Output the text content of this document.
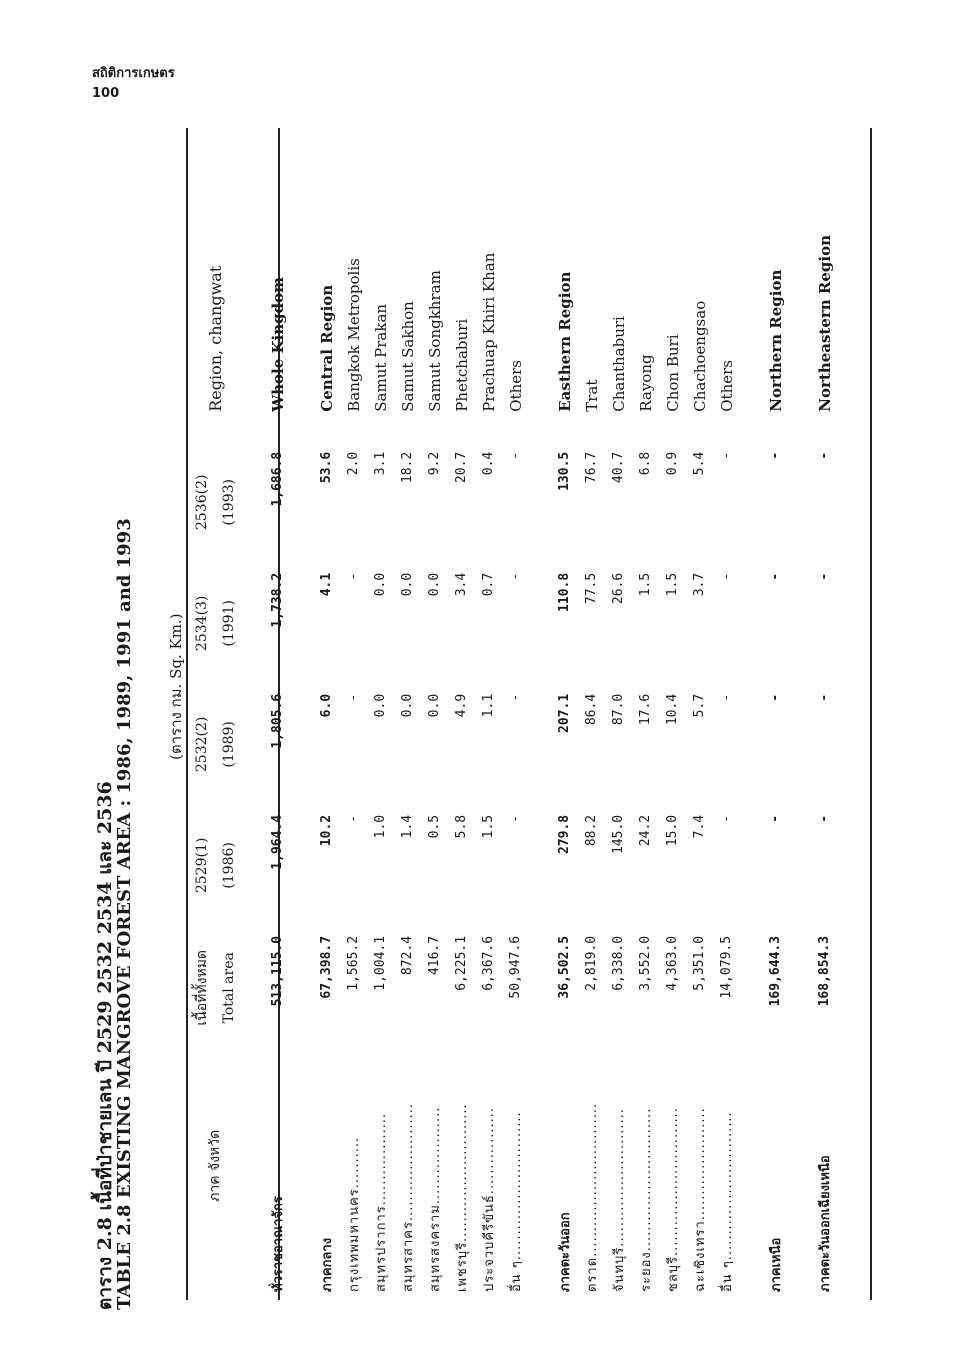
สถิติการเกษตร
100
ตาราง 2.8 เนื้อที่ป่าชายเลน ปี 2529 2532 2534 และ 2536
TABLE 2.8 EXISTING MANGROVE FOREST AREA : 1986, 1989, 1991 and 1993 (ตาราง กม. Sq. Km.)
ภาค จังหวัด	เนื้อที่ทั้งหมด	2529(1)	2532(2)	2534(3)	2536(2)	Region, changwat
	Total area	(1986)	(1989)	(1991)	(1993)	

ทั่วราชอาณาจักร	513,115.0	1,964.4	1,805.6	1,738.2	1,686.8	Whole Kingdom

ภาคกลาง	67,398.7	10.2	6.0	4.1	53.6	Central Region
กรุงเทพมหานคร..........	1,565.2	-	-	-	2.0	Bangkok Metropolis
สมุทรปราการ..................	1,004.1	1.0	0.0	0.0	3.1	Samut Prakan
สมุทรสาคร.......................	872.4	1.4	0.0	0.0	18.2	Samut Sakhon
สมุทรสงคราม...................	416.7	0.5	0.0	0.0	9.2	Samut Songkhram
เพชรบุรี...........................	6,225.1	5.8	4.9	3.4	20.7	Phetchaburi
ประจวบคีรีขันธ์.................	6,367.6	1.5	1.1	0.7	0.4	Prachuap Khiri Khan
อื่น ๆ.............................	50,947.6	-	-	-	-	Others

ภาคตะวันออก	36,502.5	279.8	207.1	110.8	130.5	Easthern Region
ตราด..............................	2,819.0	88.2	86.4	77.5	76.7	Trat
จันทบุรี...........................	6,338.0	145.0	87.0	26.6	40.7	Chanthaburi
ระยอง............................	3,552.0	24.2	17.6	1.5	6.8	Rayong
ชลบุรี.............................	4,363.0	15.0	10.4	1.5	0.9	Chon Buri
ฉะเชิงเทรา......................	5,351.0	7.4	5.7	3.7	5.4	Chachoengsao
อื่น ๆ.............................	14,079.5	-	-	-	-	Others

ภาคเหนือ	169,644.3	-	-	-	-	Northern Region

ภาคตะวันออกเฉียงเหนือ	168,854.3	-	-	-	-	Northeastern Region
